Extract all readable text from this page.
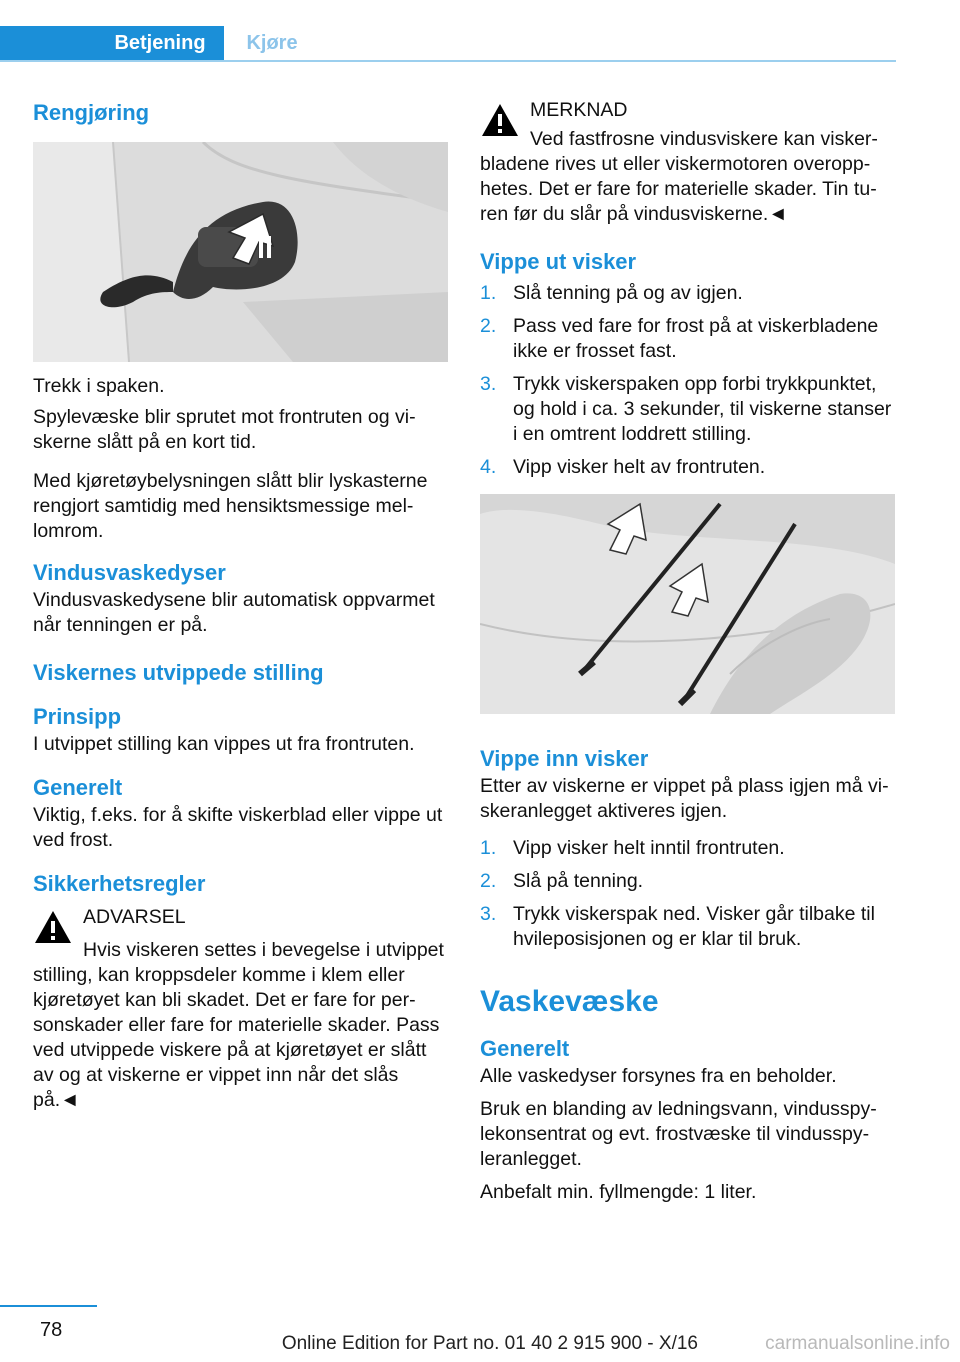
Betjening	Kjøre
Rengjøring

Trekk i spaken.

Spylevæske blir sprutet mot frontruten og viskerne slått på en kort tid.

Med kjøretøybelysningen slått blir lyskasterne rengjort samtidig med hensiktsmessige mellomrom.

Vindusvaskedyser

Vindusvaskedysene blir automatisk oppvarmet når tenningen er på.

Viskernes utvippede stilling
Prinsipp

I utvippet stilling kan vippes ut fra frontruten.

Generelt

Viktig, f.eks. for å skifte viskerblad eller vippe ut ved frost.

Sikkerhetsregler

ADVARSEL

Hvis viskeren settes i bevegelse i utvippet stilling, kan kroppsdeler komme i klem eller kjøretøyet kan bli skadet. Det er fare for personskader eller fare for materielle skader. Pass ved utvippede viskere på at kjøretøyet er slått av og at viskerne er vippet inn når det slås på.◄

MERKNAD

Ved fastfrosne vindusviskere kan viskerbladene rives ut eller viskermotoren overopphetes. Det er fare for materielle skader. Tin turen før du slår på vindusviskerne.◄

Vippe ut visker
1. Slå tenning på og av igjen.
2. Pass ved fare for frost på at viskerbladene ikke er frosset fast.
3. Trykk viskerspaken opp forbi trykkpunktet, og hold i ca. 3 sekunder, til viskerne stanser i en omtrent loddrett stilling.
4. Vipp visker helt av frontruten.
Vippe inn visker

Etter av viskerne er vippet på plass igjen må viskeranlegget aktiveres igjen.

1. Vipp visker helt inntil frontruten.
2. Slå på tenning.
3. Trykk viskerspak ned. Visker går tilbake til hvileposisjonen og er klar til bruk.
Vaskevæske
Generelt

Alle vaskedyser forsynes fra en beholder.

Bruk en blanding av ledningsvann, vindusspylekonsentrat og evt. frostvæske til vindusspyleranlegget.

Anbefalt min. fyllmengde: 1 liter.

78
Online Edition for Part no. 01 40 2 915 900 - X/16	carmanualsonline.info
